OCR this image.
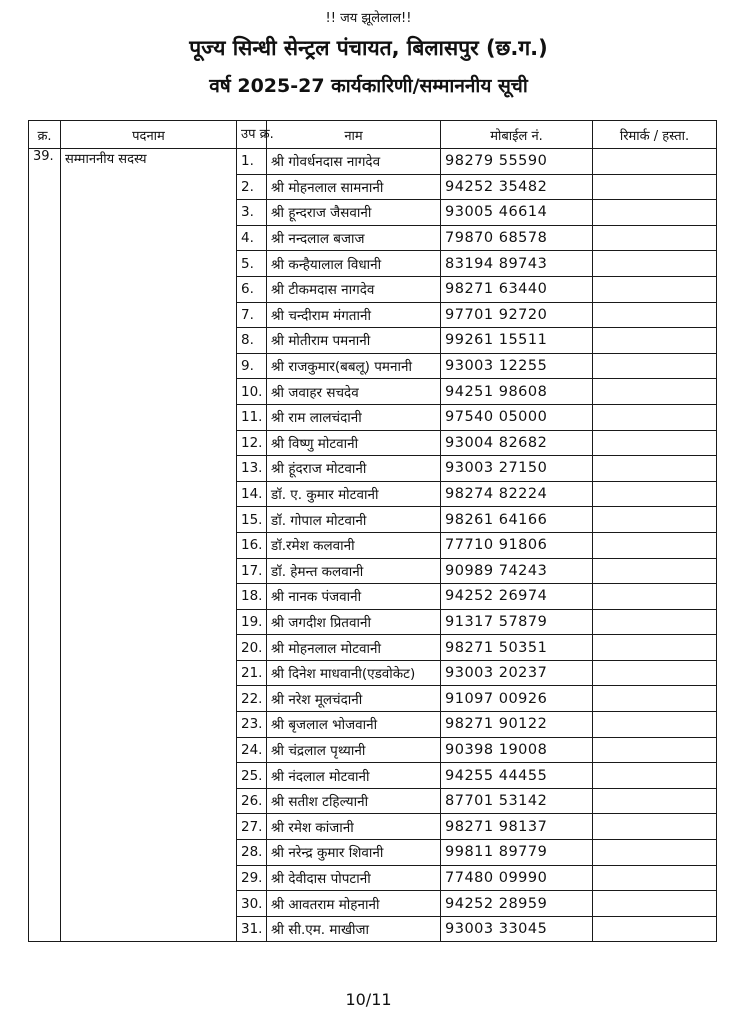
!! जय झूलेलाल!!
पूज्य सिन्धी सेन्ट्रल पंचायत, बिलासपुर (छ.ग.)
वर्ष 2025-27 कार्यकारिणी/सम्माननीय सूची
क्र.	पदनाम	उप क्र.	नाम	मोबाईल नं.	रिमार्क / हस्ता.
39.	सम्माननीय सदस्य	1.	श्री गोवर्धनदास नागदेव	98279 55590	
		2.	श्री मोहनलाल सामनानी	94252 35482	
		3.	श्री हून्दराज जैसवानी	93005 46614	
		4.	श्री नन्दलाल बजाज	79870 68578	
		5.	श्री कन्हैयालाल विधानी	83194 89743	
		6.	श्री टीकमदास नागदेव	98271 63440	
		7.	श्री चन्दीराम मंगतानी	97701 92720	
		8.	श्री मोतीराम पमनानी	99261 15511	
		9.	श्री राजकुमार(बबलू) पमनानी	93003 12255	
		10.	श्री जवाहर सचदेव	94251 98608	
		11.	श्री राम लालचंदानी	97540 05000	
		12.	श्री विष्णु मोटवानी	93004 82682	
		13.	श्री हूंदराज मोटवानी	93003 27150	
		14.	डॉ. ए. कुमार मोटवानी	98274 82224	
		15.	डॉ. गोपाल मोटवानी	98261 64166	
		16.	डॉ.रमेश कलवानी	77710 91806	
		17.	डॉ. हेमन्त कलवानी	90989 74243	
		18.	श्री नानक पंजवानी	94252 26974	
		19.	श्री जगदीश प्रितवानी	91317 57879	
		20.	श्री मोहनलाल मोटवानी	98271 50351	
		21.	श्री दिनेश माधवानी(एडवोकेट)	93003 20237	
		22.	श्री नरेश मूलचंदानी	91097 00926	
		23.	श्री बृजलाल भोजवानी	98271 90122	
		24.	श्री चंद्रलाल पृथ्यानी	90398 19008	
		25.	श्री नंदलाल मोटवानी	94255 44455	
		26.	श्री सतीश टहिल्यानी	87701 53142	
		27.	श्री रमेश कांजानी	98271 98137	
		28.	श्री नरेन्द्र कुमार शिवानी	99811 89779	
		29.	श्री देवीदास पोपटानी	77480 09990	
		30.	श्री आवतराम मोहनानी	94252 28959	
		31.	श्री सी.एम. माखीजा	93003 33045	
10/11
